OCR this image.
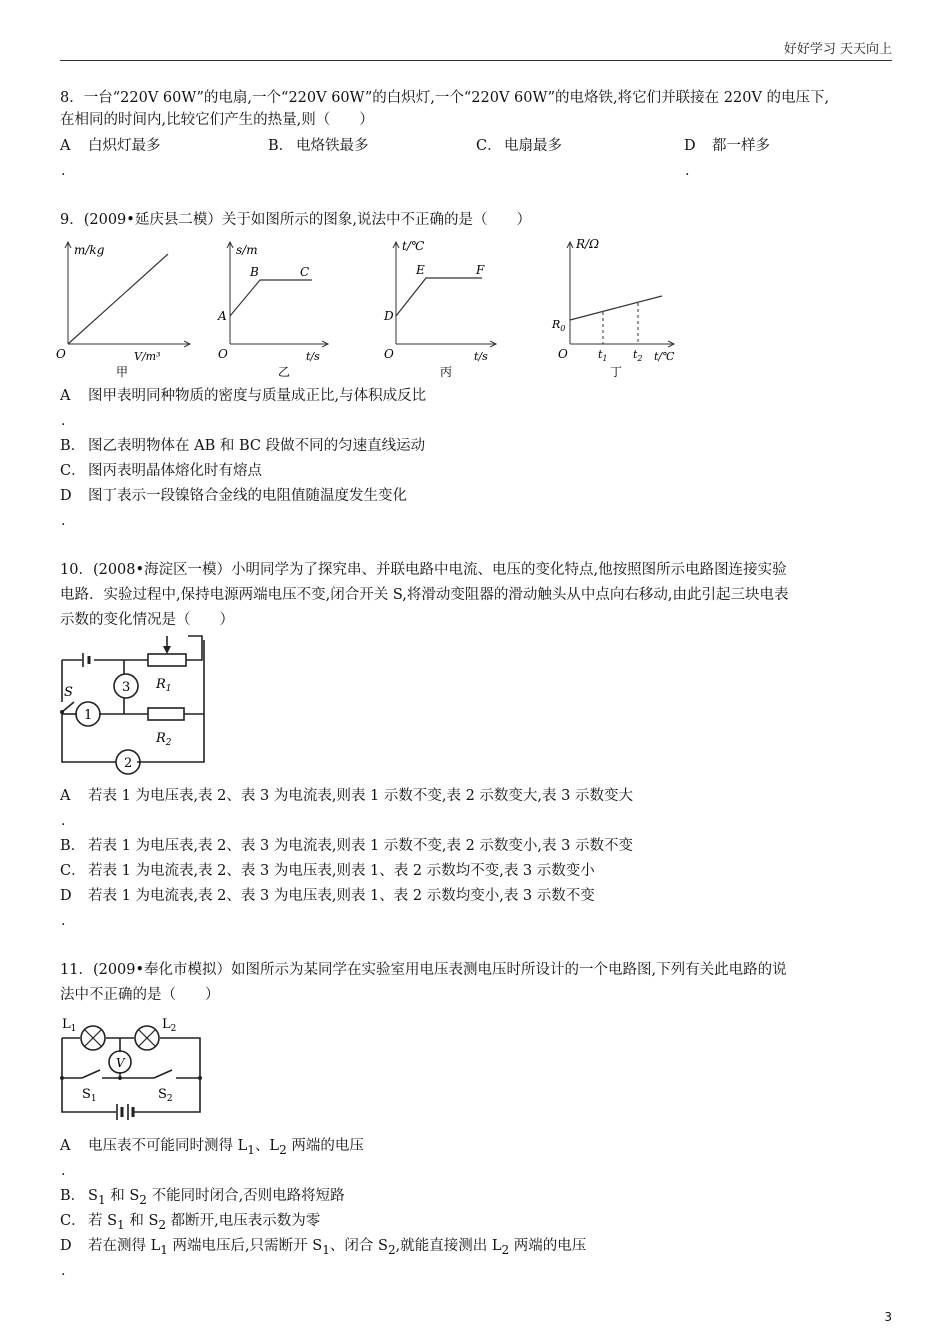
好好学习 天天向上
8．一台“220V 60W”的电扇,一个“220V 60W”的白炽灯,一个“220V 60W”的电烙铁,将它们并联接在 220V 的电压下,
在相同的时间内,比较它们产生的热量,则（　　）
A 白炽灯最多	B． 电烙铁最多	C． 电扇最多	D 都一样多
.	.
9．(2009•延庆县二模）关于如图所示的图象,说法中不正确的是（　　）
m/kg
V/m³
O
甲
s/m
A
B	C
t/s
O
乙
t/℃
D
E	F
t/s
O
丙
R/Ω
$R_0$
$t_1$ $t_2$ t/℃
O
丁
A 图甲表明同种物质的密度与质量成正比,与体积成反比
.
B． 图乙表明物体在 AB 和 BC 段做不同的匀速直线运动
C． 图丙表明晶体熔化时有熔点
D 图丁表示一段镍铬合金线的电阻值随温度发生变化
.
10．(2008•海淀区一模）小明同学为了探究串、并联电路中电流、电压的变化特点,他按照图所示电路图连接实验
电路．实验过程中,保持电源两端电压不变,闭合开关 S,将滑动变阻器的滑动触头从中点向右移动,由此引起三块电表
示数的变化情况是（　　）
S	3
1
2
$R_1$
$R_2$
A 若表 1 为电压表,表 2、表 3 为电流表,则表 1 示数不变,表 2 示数变大,表 3 示数变大
.
B． 若表 1 为电压表,表 2、表 3 为电流表,则表 1 示数不变,表 2 示数变小,表 3 示数不变
C． 若表 1 为电流表,表 2、表 3 为电压表,则表 1、表 2 示数均不变,表 3 示数变小
D 若表 1 为电流表,表 2、表 3 为电压表,则表 1、表 2 示数均变小,表 3 示数不变
.
11．(2009•奉化市模拟）如图所示为某同学在实验室用电压表测电压时所设计的一个电路图,下列有关此电路的说
法中不正确的是（　　）
V
$L_1$	$L_2$
$S_1$	$S_2$
A 电压表不可能同时测得 $L_1$、$L_2$ 两端的电压
.
B． $S_1$ 和 $S_2$ 不能同时闭合,否则电路将短路
C． 若 $S_1$ 和 $S_2$ 都断开,电压表示数为零
D 若在测得 $L_1$ 两端电压后,只需断开 $S_1$、闭合 $S_2$,就能直接测出 $L_2$ 两端的电压
.
3
